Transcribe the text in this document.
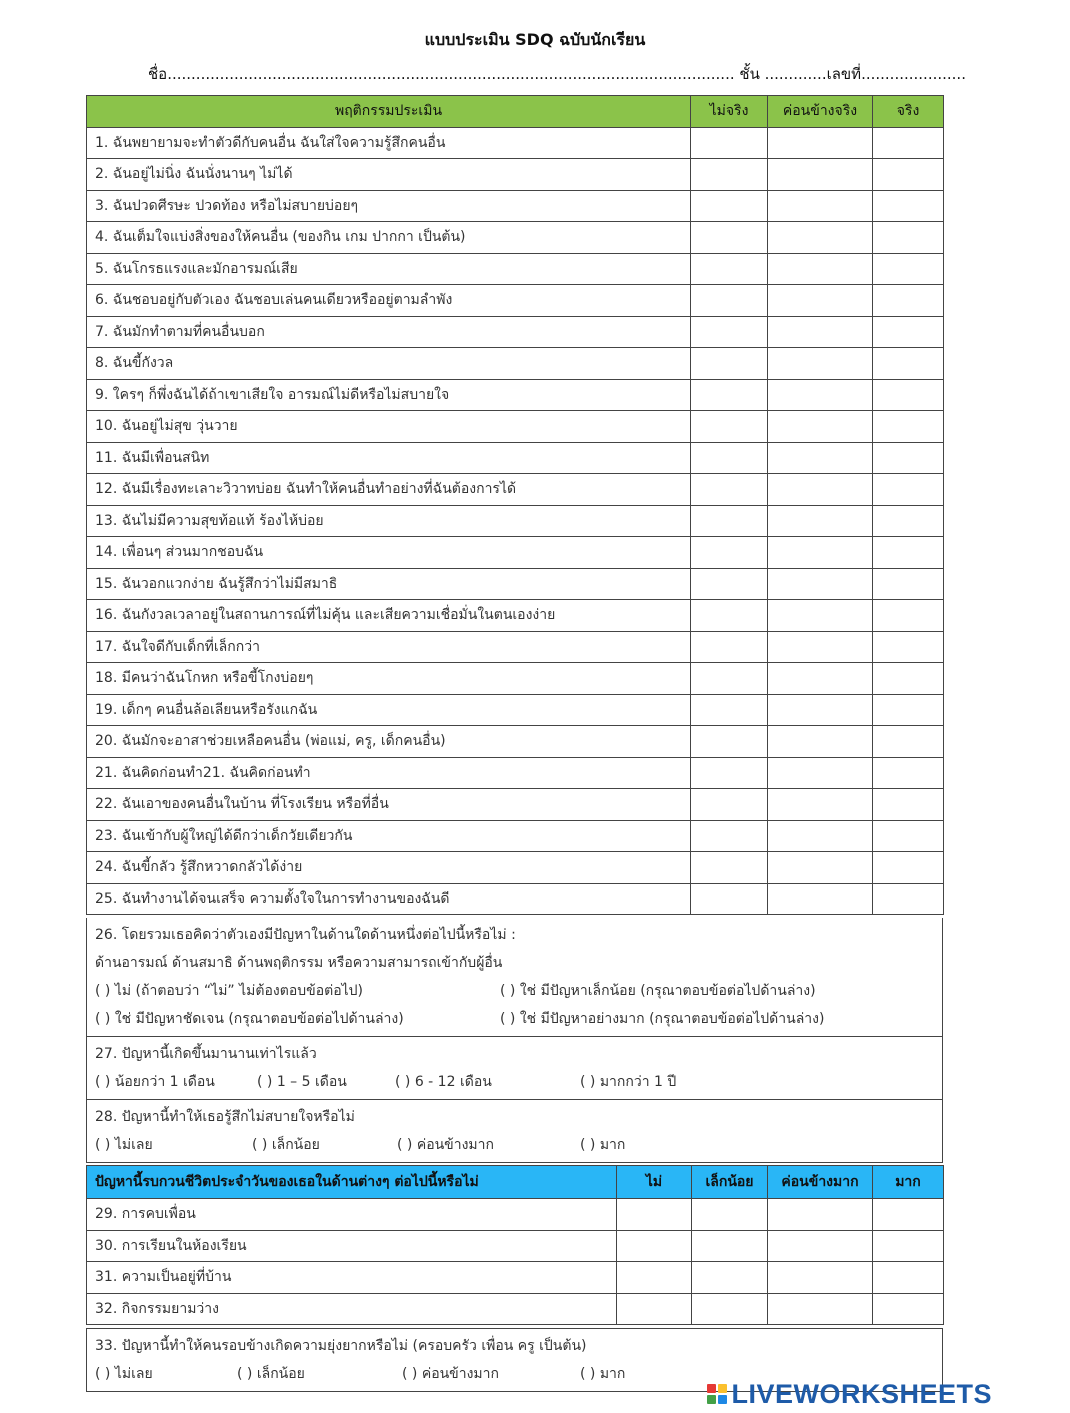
แบบประเมิน SDQ ฉบับนักเรียน
ชื่อ....................................................................................................................... ชั้น .............เลขที่......................
พฤติกรรมประเมิน	ไม่จริง	ค่อนข้างจริง	จริง
1. ฉันพยายามจะทำตัวดีกับคนอื่น ฉันใส่ใจความรู้สึกคนอื่น			
2. ฉันอยู่ไม่นิ่ง ฉันนั่งนานๆ ไม่ได้			
3. ฉันปวดศีรษะ ปวดท้อง หรือไม่สบายบ่อยๆ			
4. ฉันเต็มใจแบ่งสิ่งของให้คนอื่น (ของกิน เกม ปากกา เป็นต้น)			
5. ฉันโกรธแรงและมักอารมณ์เสีย			
6. ฉันชอบอยู่กับตัวเอง ฉันชอบเล่นคนเดียวหรืออยู่ตามลำพัง			
7. ฉันมักทำตามที่คนอื่นบอก			
8. ฉันขี้กังวล			
9. ใครๆ ก็พึ่งฉันได้ถ้าเขาเสียใจ อารมณ์ไม่ดีหรือไม่สบายใจ			
10. ฉันอยู่ไม่สุข วุ่นวาย			
11. ฉันมีเพื่อนสนิท			
12. ฉันมีเรื่องทะเลาะวิวาทบ่อย ฉันทำให้คนอื่นทำอย่างที่ฉันต้องการได้			
13. ฉันไม่มีความสุขท้อแท้ ร้องไห้บ่อย			
14. เพื่อนๆ ส่วนมากชอบฉัน			
15. ฉันวอกแวกง่าย ฉันรู้สึกว่าไม่มีสมาธิ			
16. ฉันกังวลเวลาอยู่ในสถานการณ์ที่ไม่คุ้น และเสียความเชื่อมั่นในตนเองง่าย			
17. ฉันใจดีกับเด็กที่เล็กกว่า			
18. มีคนว่าฉันโกหก หรือขี้โกงบ่อยๆ			
19. เด็กๆ คนอื่นล้อเลียนหรือรังแกฉัน			
20. ฉันมักจะอาสาช่วยเหลือคนอื่น (พ่อแม่, ครู, เด็กคนอื่น)			
21. ฉันคิดก่อนทำ21. ฉันคิดก่อนทำ			
22. ฉันเอาของคนอื่นในบ้าน ที่โรงเรียน หรือที่อื่น			
23. ฉันเข้ากับผู้ใหญ่ได้ดีกว่าเด็กวัยเดียวกัน			
24. ฉันขี้กลัว รู้สึกหวาดกลัวได้ง่าย			
25. ฉันทำงานได้จนเสร็จ ความตั้งใจในการทำงานของฉันดี			
26. โดยรวมเธอคิดว่าตัวเองมีปัญหาในด้านใดด้านหนึ่งต่อไปนี้หรือไม่ :
ด้านอารมณ์ ด้านสมาธิ ด้านพฤติกรรม หรือความสามารถเข้ากับผู้อื่น
( ) ไม่ (ถ้าตอบว่า “ไม่” ไม่ต้องตอบข้อต่อไป)	( ) ใช่ มีปัญหาเล็กน้อย (กรุณาตอบข้อต่อไปด้านล่าง)
( ) ใช่ มีปัญหาชัดเจน (กรุณาตอบข้อต่อไปด้านล่าง)	( ) ใช่ มีปัญหาอย่างมาก (กรุณาตอบข้อต่อไปด้านล่าง)

27. ปัญหานี้เกิดขึ้นมานานเท่าไรแล้ว
( ) น้อยกว่า 1 เดือน	( ) 1 – 5 เดือน	( ) 6 - 12 เดือน	( ) มากกว่า 1 ปี

28. ปัญหานี้ทำให้เธอรู้สึกไม่สบายใจหรือไม่
( ) ไม่เลย	( ) เล็กน้อย	( ) ค่อนข้างมาก	( ) มาก
ปัญหานี้รบกวนชีวิตประจำวันของเธอในด้านต่างๆ ต่อไปนี้หรือไม่	ไม่	เล็กน้อย	ค่อนข้างมาก	มาก
29. การคบเพื่อน				
30. การเรียนในห้องเรียน				
31. ความเป็นอยู่ที่บ้าน				
32. กิจกรรมยามว่าง				
33. ปัญหานี้ทำให้คนรอบข้างเกิดความยุ่งยากหรือไม่ (ครอบครัว เพื่อน ครู เป็นต้น)
( ) ไม่เลย	( ) เล็กน้อย	( ) ค่อนข้างมาก	( ) มาก
LIVEWORKSHEETS
